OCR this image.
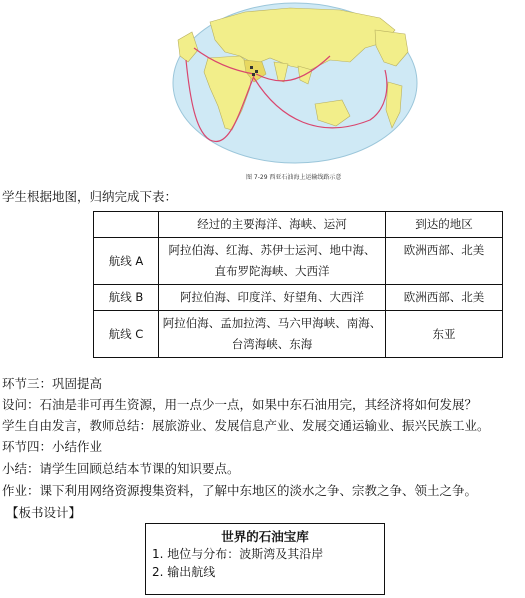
图 7-29 西亚石油海上运输线路示意
学生根据地图，归纳完成下表：
	经过的主要海洋、海峡、运河	到达的地区
航线 A	阿拉伯海、红海、苏伊士运河、地中海、
直布罗陀海峡、大西洋	欧洲西部、北美
航线 B	阿拉伯海、印度洋、好望角、大西洋	欧洲西部、北美
航线 C	阿拉伯海、孟加拉湾、马六甲海峡、南海、
台湾海峡、东海	东亚
环节三：巩固提高
设问：石油是非可再生资源，用一点少一点，如果中东石油用完，其经济将如何发展？
学生自由发言，教师总结：展旅游业、发展信息产业、发展交通运输业、振兴民族工业。
环节四：小结作业
小结：请学生回顾总结本节课的知识要点。
作业：课下利用网络资源搜集资料，了解中东地区的淡水之争、宗教之争、领土之争。
【板书设计】
世界的石油宝库
1. 地位与分布：波斯湾及其沿岸
2. 输出航线
